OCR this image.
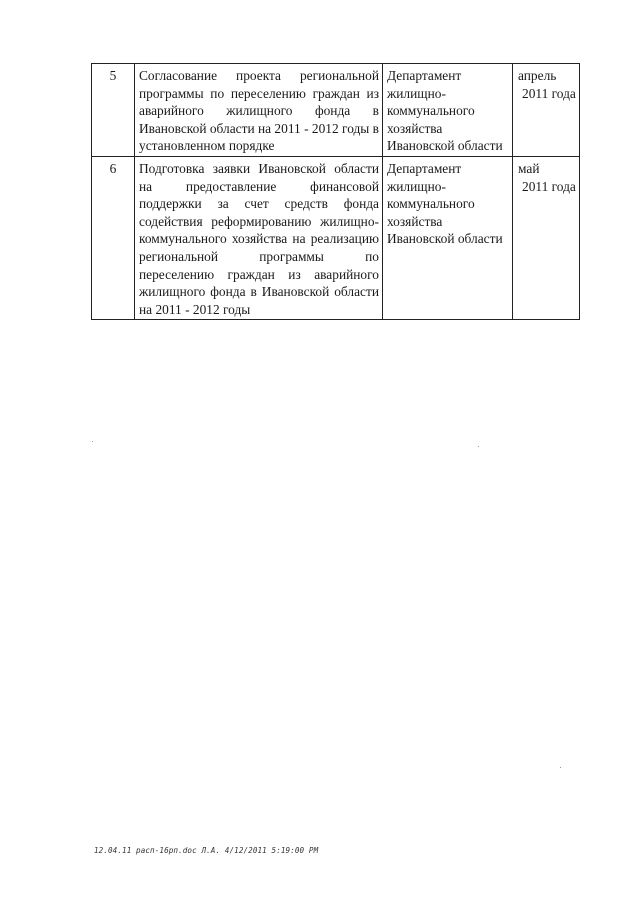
5	Согласование проекта региональной программы по переселению граждан из аварийного жилищного фонда в Ивановской области на 2011 - 2012 годы в установленном порядке	Департамент жилищно-коммунального хозяйства Ивановской области	апрель
2011 года

6	Подготовка заявки Ивановской области на предоставление финансовой поддержки за счет средств фонда содействия реформированию жилищно-коммунального хозяйства на реализацию региональной программы по переселению граждан из аварийного жилищного фонда в Ивановской области на 2011 - 2012 годы	Департамент жилищно-коммунального хозяйства Ивановской области	май
2011 года
12.04.11 расп-16рп.doc Л.А. 4/12/2011 5:19:00 PM
